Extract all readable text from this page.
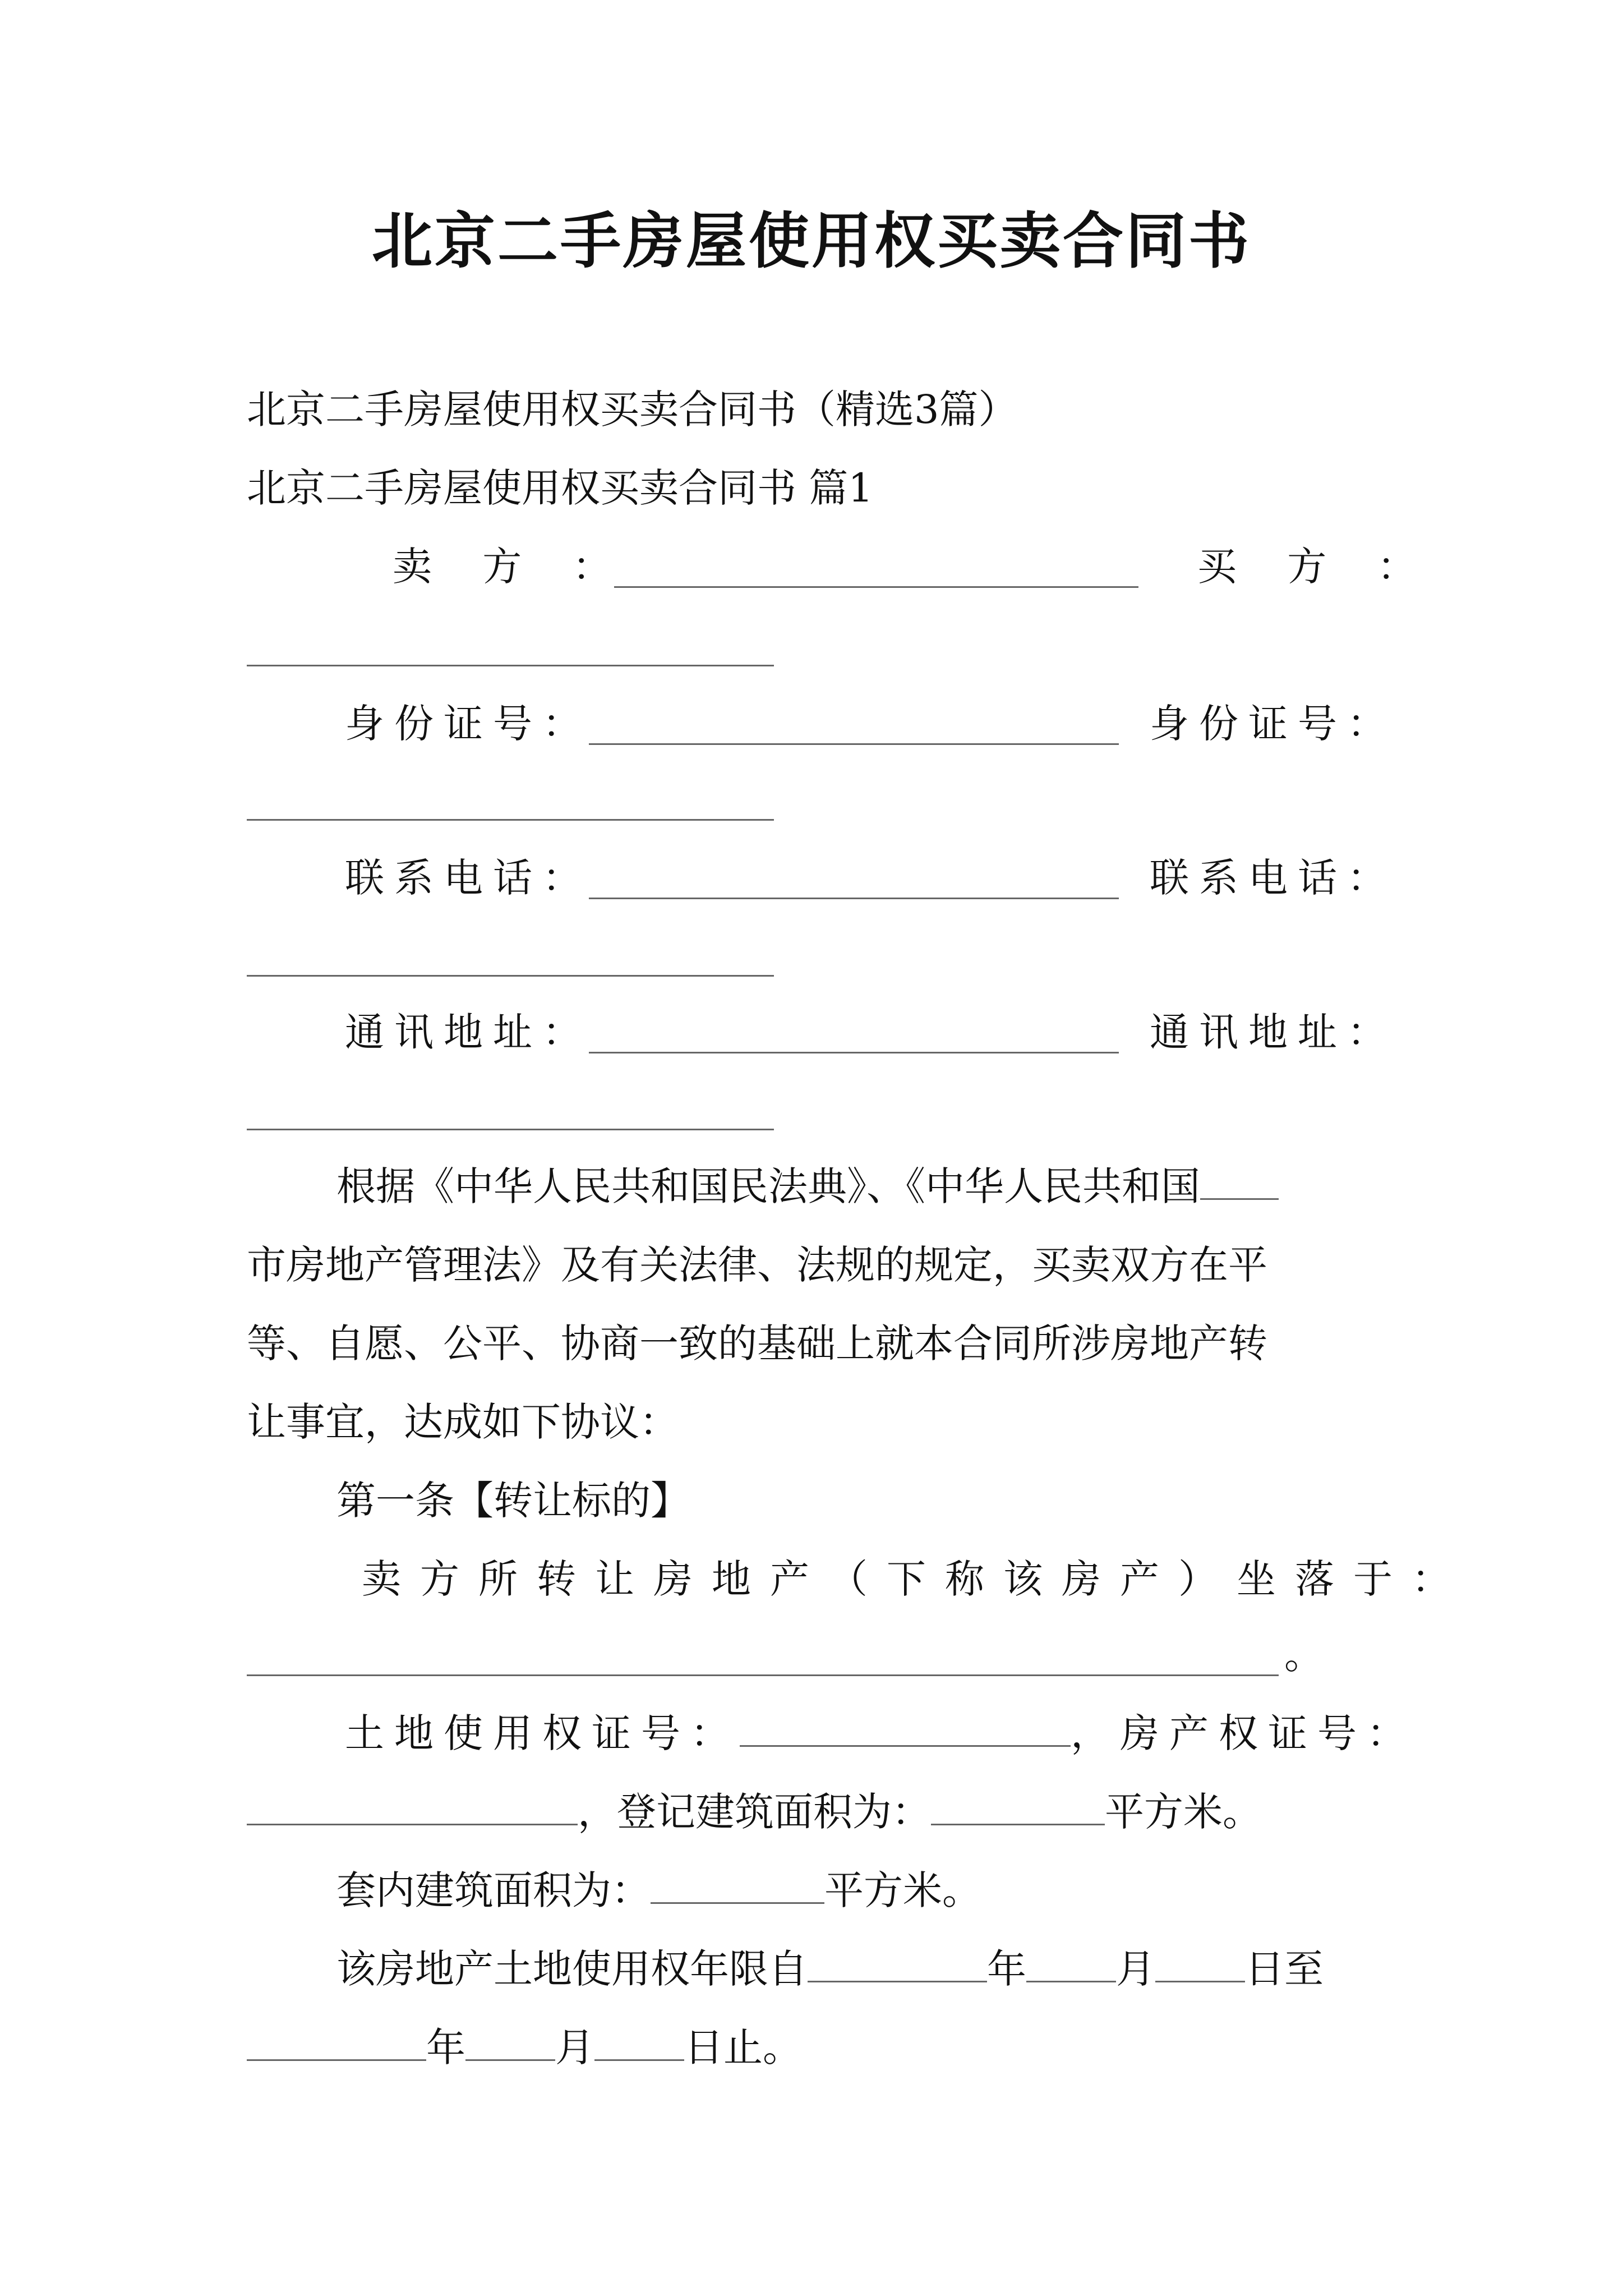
北京二手房屋使用权买卖合同书
北京二手房屋使用权买卖合同书（精选3篇）
北京二手房屋使用权买卖合同书 篇1
卖 方 ：	买 方 ：
身份证号：	身份证号：
联系电话：	联系电话：
通讯地址：	通讯地址：
根据《中华人民共和国民法典》、《中华人民共和国
市房地产管理法》及有关法律、法规的规定，买卖双方在平
等、自愿、公平、协商一致的基础上就本合同所涉房地产转
让事宜，达成如下协议：
第一条【转让标的】
卖方所转让房地产（下称该房产）坐落于：
。
土地使用权证号：	，房产权证号：
，登记建筑面积为：	平方米。
套内建筑面积为：	平方米。
该房地产土地使用权年限自	年 月 日至
年 月 日止。
